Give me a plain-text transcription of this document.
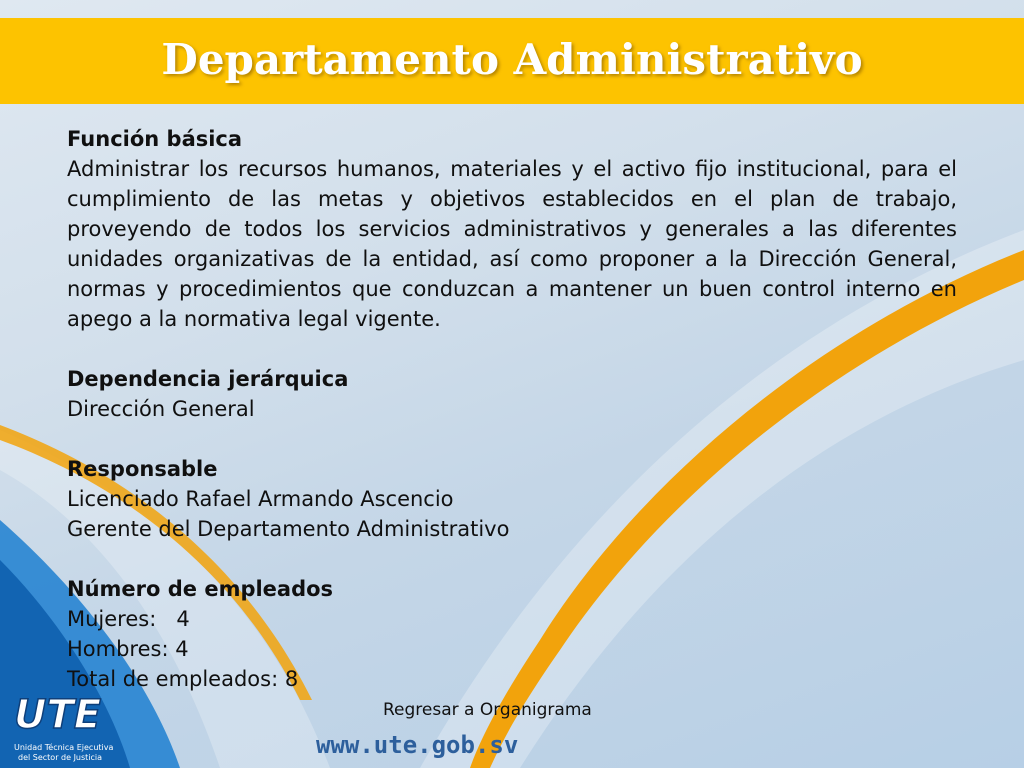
Departamento Administrativo
Función básica

Administrar los recursos humanos, materiales y el activo fijo institucional, para el cumplimiento de las metas y objetivos establecidos en el plan de trabajo, proveyendo de todos los servicios administrativos y generales a las diferentes unidades organizativas de la entidad, así como proponer a la Dirección General, normas y procedimientos que conduzcan a mantener un buen control interno en apego a la normativa legal vigente.

Dependencia jerárquica

Dirección General

Responsable

Licenciado Rafael Armando Ascencio

Gerente del Departamento Administrativo

Número de empleados

Mujeres:   4

Hombres: 4

Total de empleados: 8

Regresar a Organigrama
www.ute.gob.sv
UTE
Unidad Técnica Ejecutiva
del Sector de Justicia
